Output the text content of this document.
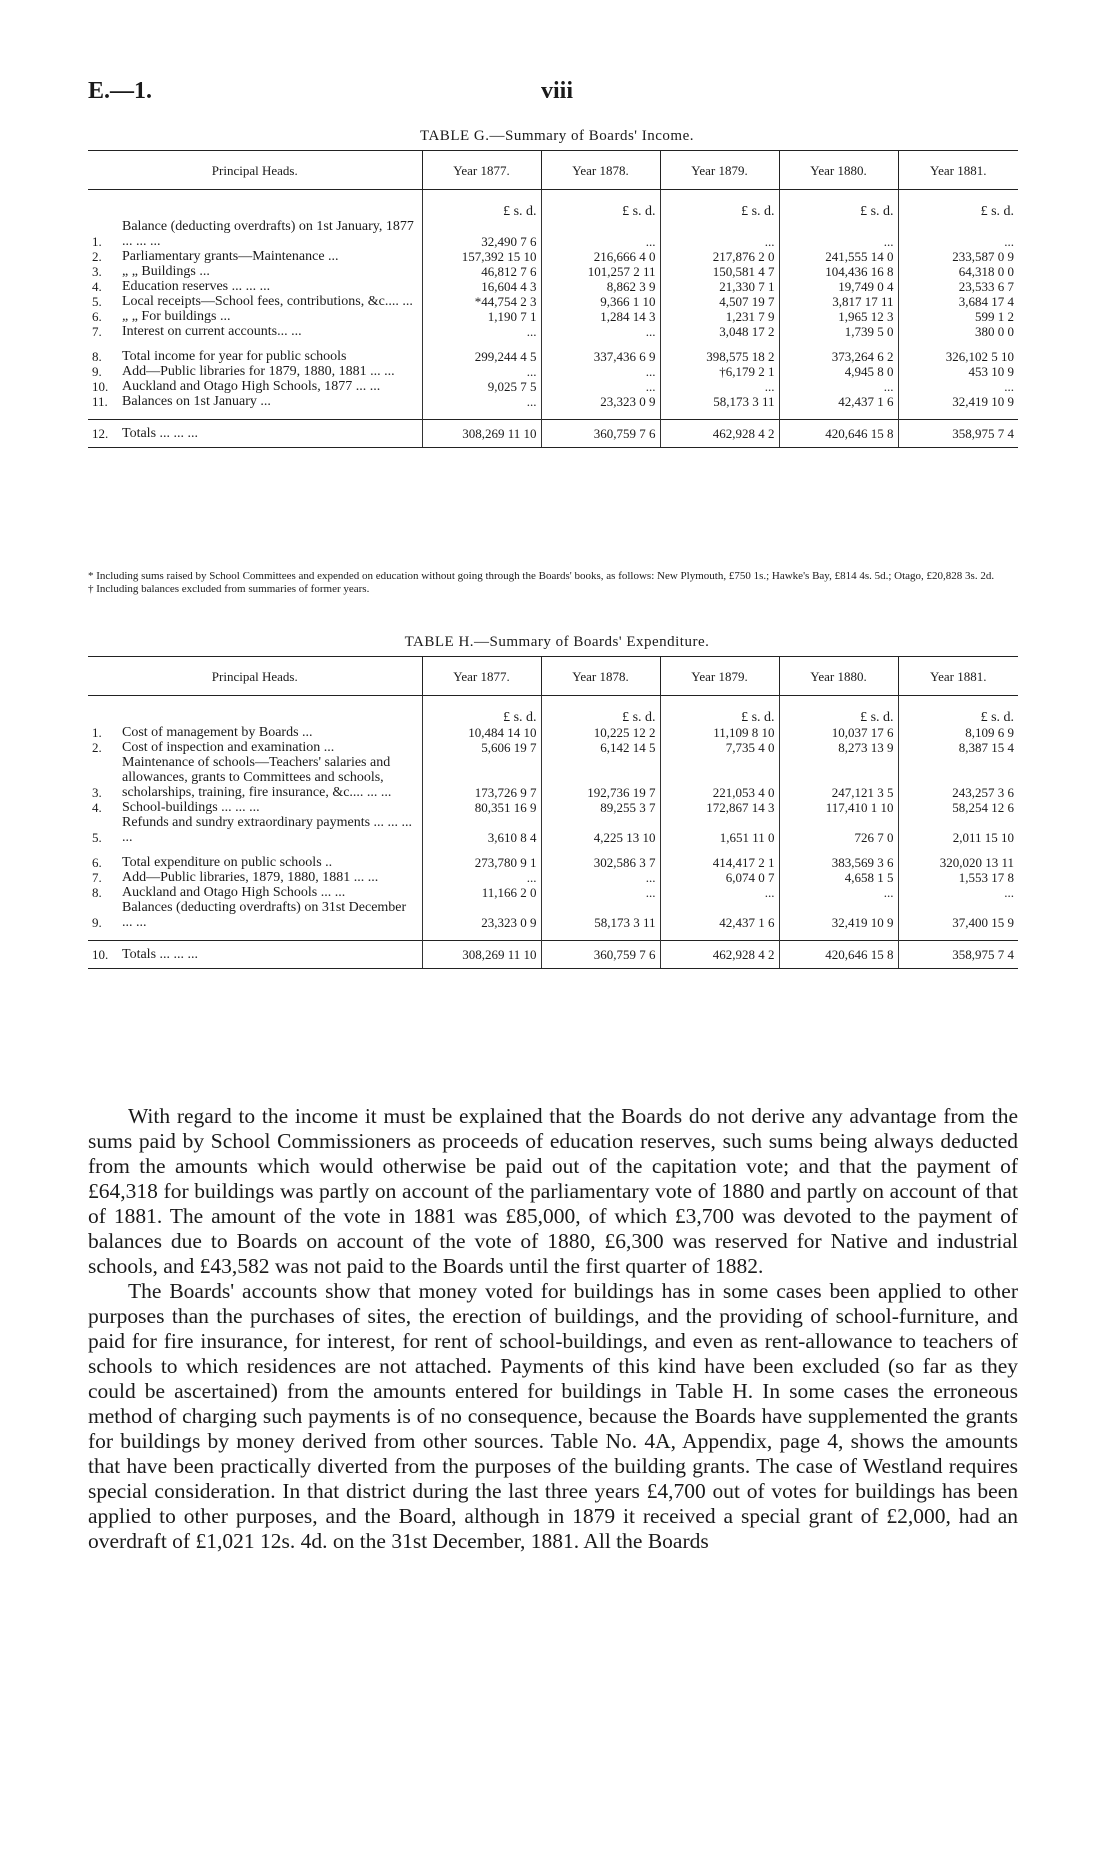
E.—1.	viii
TABLE G.—Summary of Boards' Income.
Principal Heads.		Year 1877.	Year 1878.	Year 1879.	Year 1880.	Year 1881.
		£ s. d.	£ s. d.	£ s. d.	£ s. d.	£ s. d.
1.	Balance (deducting overdrafts) on 1st January, 1877 ... ... ...	32,490 7 6	...	...	...	...
2.	Parliamentary grants—Maintenance ...	157,392 15 10	216,666 4 0	217,876 2 0	241,555 14 0	233,587 0 9
3.	„ „ Buildings ...	46,812 7 6	101,257 2 11	150,581 4 7	104,436 16 8	64,318 0 0
4.	Education reserves ... ... ...	16,604 4 3	8,862 3 9	21,330 7 1	19,749 0 4	23,533 6 7
5.	Local receipts—School fees, contributions, &c.... ...	*44,754 2 3	9,366 1 10	4,507 19 7	3,817 17 11	3,684 17 4
6.	„ „ For buildings ...	1,190 7 1	1,284 14 3	1,231 7 9	1,965 12 3	599 1 2
7.	Interest on current accounts... ...	...	...	3,048 17 2	1,739 5 0	380 0 0

8.	Total income for year for public schools	299,244 4 5	337,436 6 9	398,575 18 2	373,264 6 2	326,102 5 10
9.	Add—Public libraries for 1879, 1880, 1881 ... ...	...	...	†6,179 2 1	4,945 8 0	453 10 9
10.	Auckland and Otago High Schools, 1877 ... ...	9,025 7 5	...	...	...	...
11.	Balances on 1st January ...	...	23,323 0 9	58,173 3 11	42,437 1 6	32,419 10 9

12.	Totals ... ... ...	308,269 11 10	360,759 7 6	462,928 4 2	420,646 15 8	358,975 7 4

* Including sums raised by School Committees and expended on education without going through the Boards' books, as follows: New Plymouth, £750 1s.; Hawke's Bay, £814 4s. 5d.; Otago, £20,828 3s. 2d.

† Including balances excluded from summaries of former years.

TABLE H.—Summary of Boards' Expenditure.
Principal Heads.		Year 1877.	Year 1878.	Year 1879.	Year 1880.	Year 1881.
		£ s. d.	£ s. d.	£ s. d.	£ s. d.	£ s. d.
1.	Cost of management by Boards ...	10,484 14 10	10,225 12 2	11,109 8 10	10,037 17 6	8,109 6 9
2.	Cost of inspection and examination ...	5,606 19 7	6,142 14 5	7,735 4 0	8,273 13 9	8,387 15 4
3.	Maintenance of schools—Teachers' salaries and allowances, grants to Committees and schools, scholarships, training, fire insurance, &c.... ... ...	173,726 9 7	192,736 19 7	221,053 4 0	247,121 3 5	243,257 3 6
4.	School-buildings ... ... ...	80,351 16 9	89,255 3 7	172,867 14 3	117,410 1 10	58,254 12 6
5.	Refunds and sundry extraordinary payments ... ... ... ...	3,610 8 4	4,225 13 10	1,651 11 0	726 7 0	2,011 15 10

6.	Total expenditure on public schools ..	273,780 9 1	302,586 3 7	414,417 2 1	383,569 3 6	320,020 13 11
7.	Add—Public libraries, 1879, 1880, 1881 ... ...	...	...	6,074 0 7	4,658 1 5	1,553 17 8
8.	Auckland and Otago High Schools ... ...	11,166 2 0	...	...	...	...
9.	Balances (deducting overdrafts) on 31st December ... ...	23,323 0 9	58,173 3 11	42,437 1 6	32,419 10 9	37,400 15 9

10.	Totals ... ... ...	308,269 11 10	360,759 7 6	462,928 4 2	420,646 15 8	358,975 7 4

With regard to the income it must be explained that the Boards do not derive any advantage from the sums paid by School Commissioners as proceeds of education reserves, such sums being always deducted from the amounts which would otherwise be paid out of the capitation vote; and that the payment of £64,318 for buildings was partly on account of the parliamentary vote of 1880 and partly on account of that of 1881. The amount of the vote in 1881 was £85,000, of which £3,700 was devoted to the payment of balances due to Boards on account of the vote of 1880, £6,300 was reserved for Native and industrial schools, and £43,582 was not paid to the Boards until the first quarter of 1882.

The Boards' accounts show that money voted for buildings has in some cases been applied to other purposes than the purchases of sites, the erection of buildings, and the providing of school-furniture, and paid for fire insurance, for interest, for rent of school-buildings, and even as rent-allowance to teachers of schools to which residences are not attached. Payments of this kind have been excluded (so far as they could be ascertained) from the amounts entered for buildings in Table H. In some cases the erroneous method of charging such payments is of no consequence, because the Boards have supplemented the grants for buildings by money derived from other sources. Table No. 4A, Appendix, page 4, shows the amounts that have been practically diverted from the purposes of the building grants. The case of Westland requires special consideration. In that district during the last three years £4,700 out of votes for buildings has been applied to other purposes, and the Board, although in 1879 it received a special grant of £2,000, had an overdraft of £1,021 12s. 4d. on the 31st December, 1881. All the Boards
